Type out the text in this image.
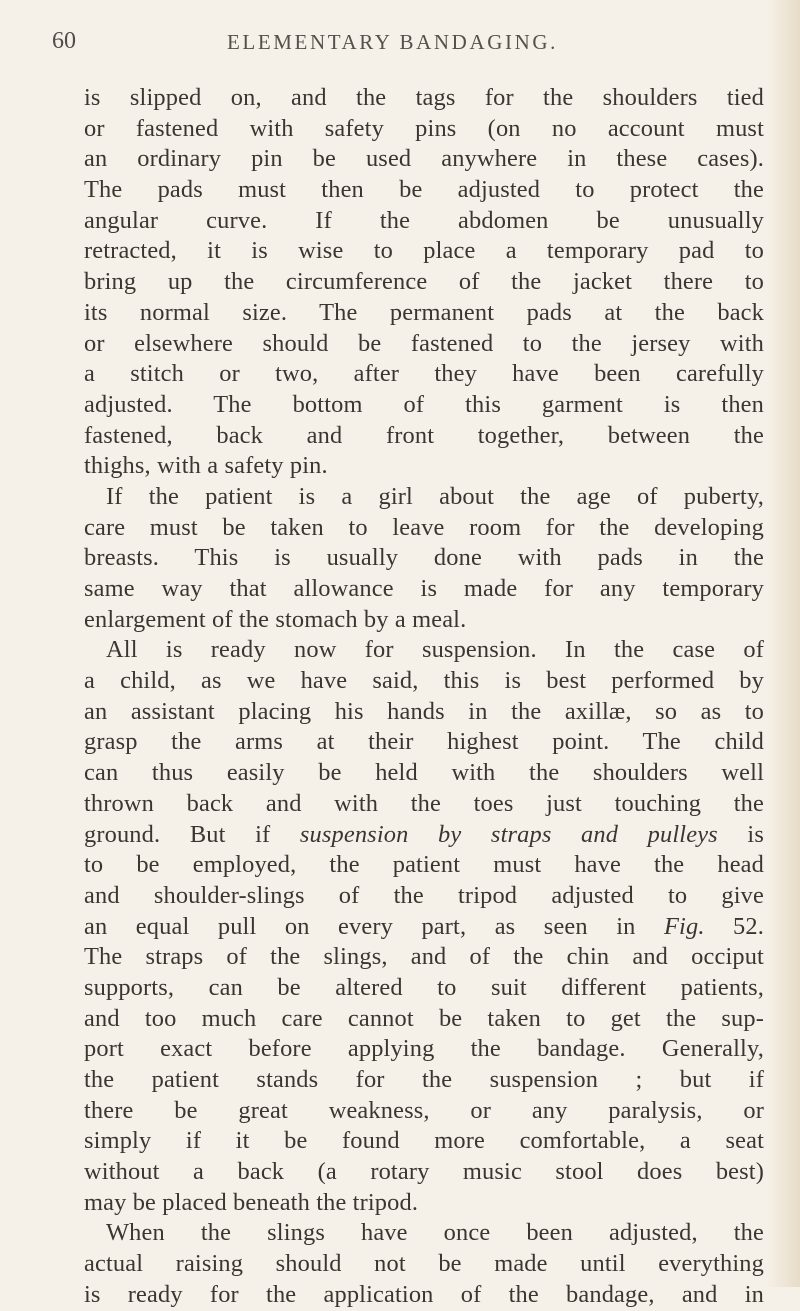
60	ELEMENTARY BANDAGING.
is slipped on, and the tags for the shoulders tied
or fastened with safety pins (on no account must
an ordinary pin be used anywhere in these cases).
The pads must then be adjusted to protect the
angular curve. If the abdomen be unusually
retracted, it is wise to place a temporary pad to
bring up the circumference of the jacket there to
its normal size. The permanent pads at the back
or elsewhere should be fastened to the jersey with
a stitch or two, after they have been carefully
adjusted. The bottom of this garment is then
fastened, back and front together, between the
thighs, with a safety pin.
If the patient is a girl about the age of puberty,
care must be taken to leave room for the developing
breasts. This is usually done with pads in the
same way that allowance is made for any temporary
enlargement of the stomach by a meal.
All is ready now for suspension. In the case of
a child, as we have said, this is best performed by
an assistant placing his hands in the axillæ, so as to
grasp the arms at their highest point. The child
can thus easily be held with the shoulders well
thrown back and with the toes just touching the
ground. But if suspension by straps and pulleys is
to be employed, the patient must have the head
and shoulder-slings of the tripod adjusted to give
an equal pull on every part, as seen in Fig. 52.
The straps of the slings, and of the chin and occiput
supports, can be altered to suit different patients,
and too much care cannot be taken to get the sup-
port exact before applying the bandage. Generally,
the patient stands for the suspension ; but if
there be great weakness, or any paralysis, or
simply if it be found more comfortable, a seat
without a back (a rotary music stool does best)
may be placed beneath the tripod.
When the slings have once been adjusted, the
actual raising should not be made until everything
is ready for the application of the bandage, and in
